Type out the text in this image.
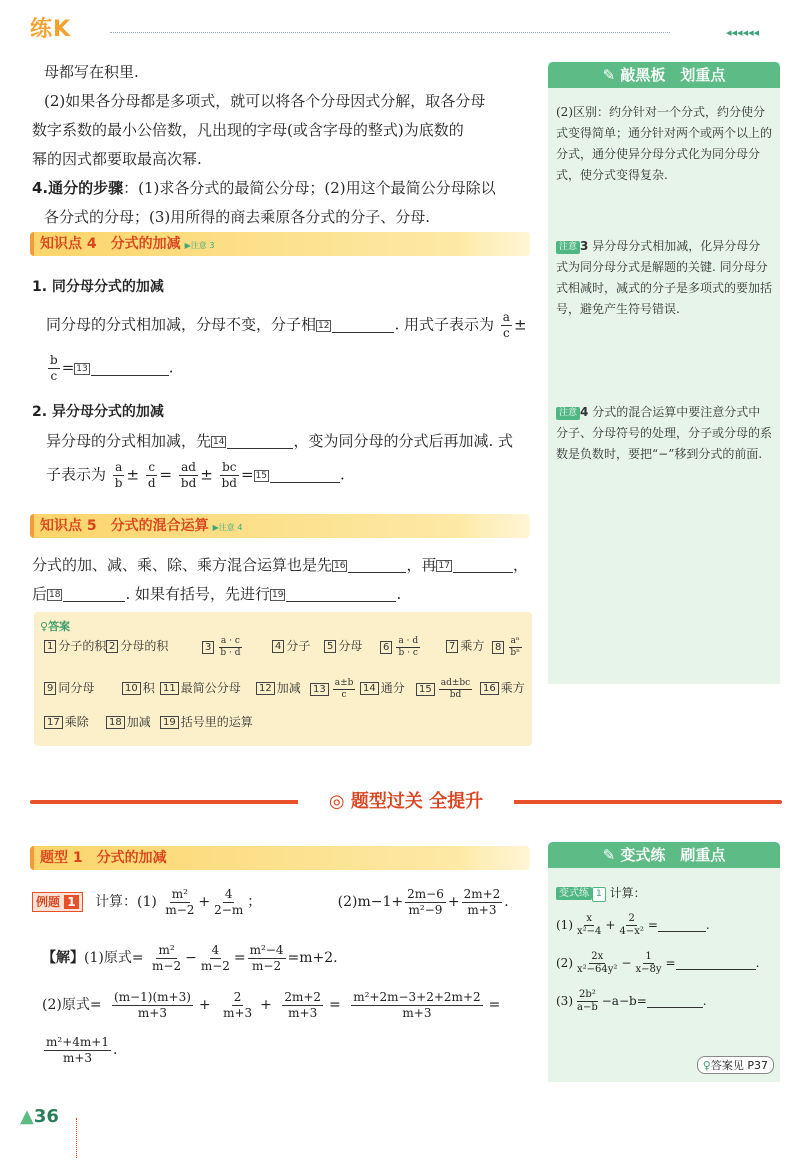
练K	◂◂◂◂◂◂
母都写在积里.
(2)如果各分母都是多项式，就可以将各个分母因式分解，取各分母
数字系数的最小公倍数，凡出现的字母(或含字母的整式)为底数的
幂的因式都要取最高次幂.
4.通分的步骤：(1)求各分式的最简公分母；(2)用这个最简公分母除以
各分式的分母；(3)用所得的商去乘原各分式的分子、分母.
知识点 4　分式的加减 ▶注意 3
1. 同分母分式的加减
同分母的分式相加减，分母不变，分子相 12	. 用式子表示为 $\frac{a}{c}$ ±
$\frac{b}{c} = 13$	.
2. 异分母分式的加减
异分母的分式相加减，先 14	，变为同分母的分式后再加减. 式
子表示为 $\frac{a}{b} \pm \frac{c}{d} = \frac{ad}{bd} \pm \frac{bc}{bd} = 15$	.
知识点 5　分式的混合运算 ▶注意 4
分式的加、减、乘、除、乘方混合运算也是先 16	，再 17	，
后 18	. 如果有括号，先进行 19	.
♀答案
1 分子的积 2 分母的积	$3 \frac{a \cdot c}{b \cdot d}$	4 分子	5 分母	$6 \frac{a \cdot d}{b \cdot c}$	7 乘方	$8 \frac{\text{aⁿ}}{\text{bⁿ}}$
9 同分母	10 积 11 最简公分母	12 加减	$13 \frac{a\pm b}{c} 14$ 通分	$15 \frac{ad\pm bc}{bd}$	16 乘方
17 乘除	18 加减	19 括号里的运算
✎ 敲黑板　划重点
(2)区别：约分针对一个分式，约分使分式变得简单；通分针对两个或两个以上的分式，通分使异分母分式化为同分母分式，使分式变得复杂.
注意 3 异分母分式相加减，化异分母分式为同分母分式是解题的关键. 同分母分式相减时，减式的分子是多项式的要加括号，避免产生符号错误.
注意 4 分式的混合运算中要注意分式中分子、分母符号的处理，分子或分母的系数是负数时，要把“−”移到分式的前面.
◎ 题型过关 全提升
题型 1　分式的加减
例题 1 计算：$(1) \frac{\text{m²}}{m-2} + \frac{4}{2-m}$ ；	$(2)m-1+ \frac{2m-6}{\text{m²−9}} + \frac{2m+2}{m+3}$ .
【解】(1)原式= $\frac{\text{m²}}{m-2} - \frac{4}{m-2} = \frac{\text{m²−4}}{m-2} =m+2$.
(2)原式= $\frac{(m-1)(m+3)}{m+3} + \frac{2}{m+3} + \frac{2m+2}{m+3} = \frac{\text{m²+2m−3+2+2m+2}}{m+3}$ =
$\frac{\text{m²+4m+1}}{m+3}$ .
✎ 变式练　刷重点
变式练 1 计算：
$(1) \frac{x}{\text{x²−4}} + \frac{2}{\text{4−x²}}$ =	.
$(2) \frac{2x}{\text{x²−64y²}} - \frac{1}{x-8y}$ =	.
$(3) \frac{\text{2b²}}{a-b} -a-b=$	.
♀答案见 P37
▲36
